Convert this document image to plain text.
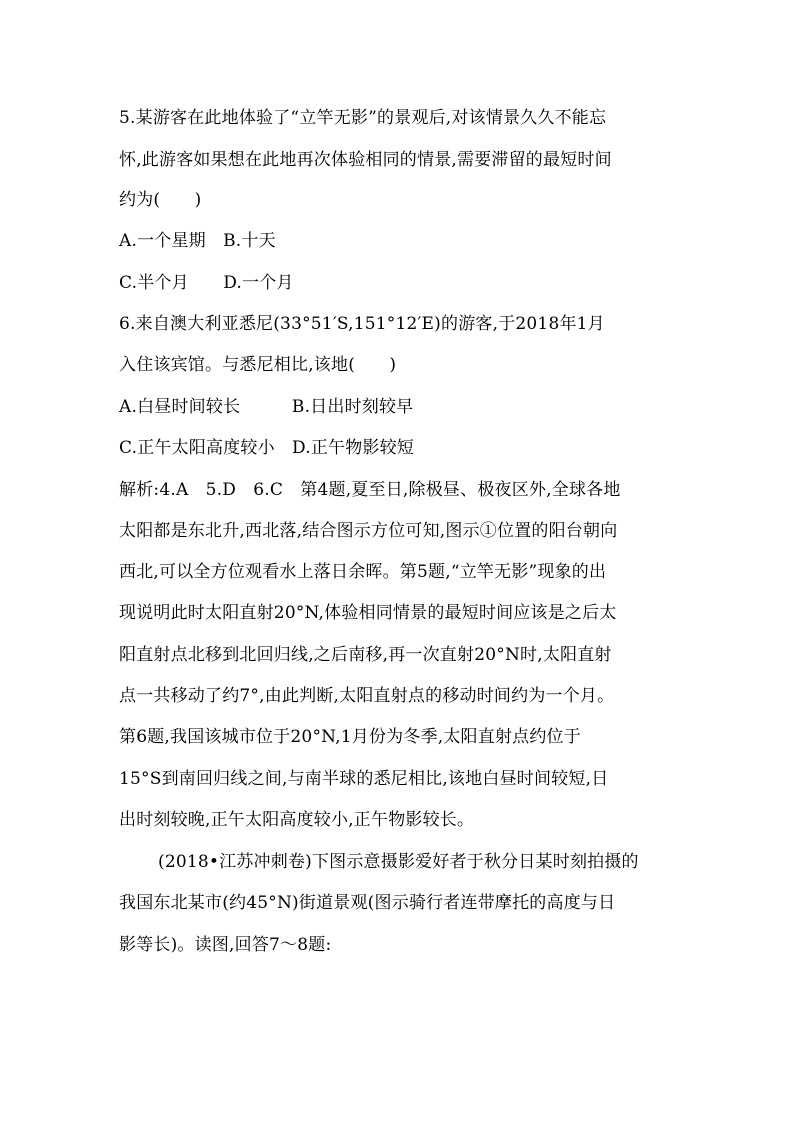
5.某游客在此地体验了“立竿无影”的景观后,对该情景久久不能忘
怀,此游客如果想在此地再次体验相同的情景,需要滞留的最短时间
约为(　　)
A.一个星期　B.十天
C.半个月　　D.一个月
6.来自澳大利亚悉尼(33°51′S,151°12′E)的游客,于2018年1月
入住该宾馆。与悉尼相比,该地(　　)
A.白昼时间较长　　　B.日出时刻较早
C.正午太阳高度较小　D.正午物影较短
解析:4.A　5.D　6.C　第4题,夏至日,除极昼、极夜区外,全球各地
太阳都是东北升,西北落,结合图示方位可知,图示①位置的阳台朝向
西北,可以全方位观看水上落日余晖。第5题,“立竿无影”现象的出
现说明此时太阳直射20°N,体验相同情景的最短时间应该是之后太
阳直射点北移到北回归线,之后南移,再一次直射20°N时,太阳直射
点一共移动了约7°,由此判断,太阳直射点的移动时间约为一个月。
第6题,我国该城市位于20°N,1月份为冬季,太阳直射点约位于
15°S到南回归线之间,与南半球的悉尼相比,该地白昼时间较短,日
出时刻较晚,正午太阳高度较小,正午物影较长。
(2018•江苏冲刺卷)下图示意摄影爱好者于秋分日某时刻拍摄的
我国东北某市(约45°N)街道景观(图示骑行者连带摩托的高度与日
影等长)。读图,回答7～8题:
